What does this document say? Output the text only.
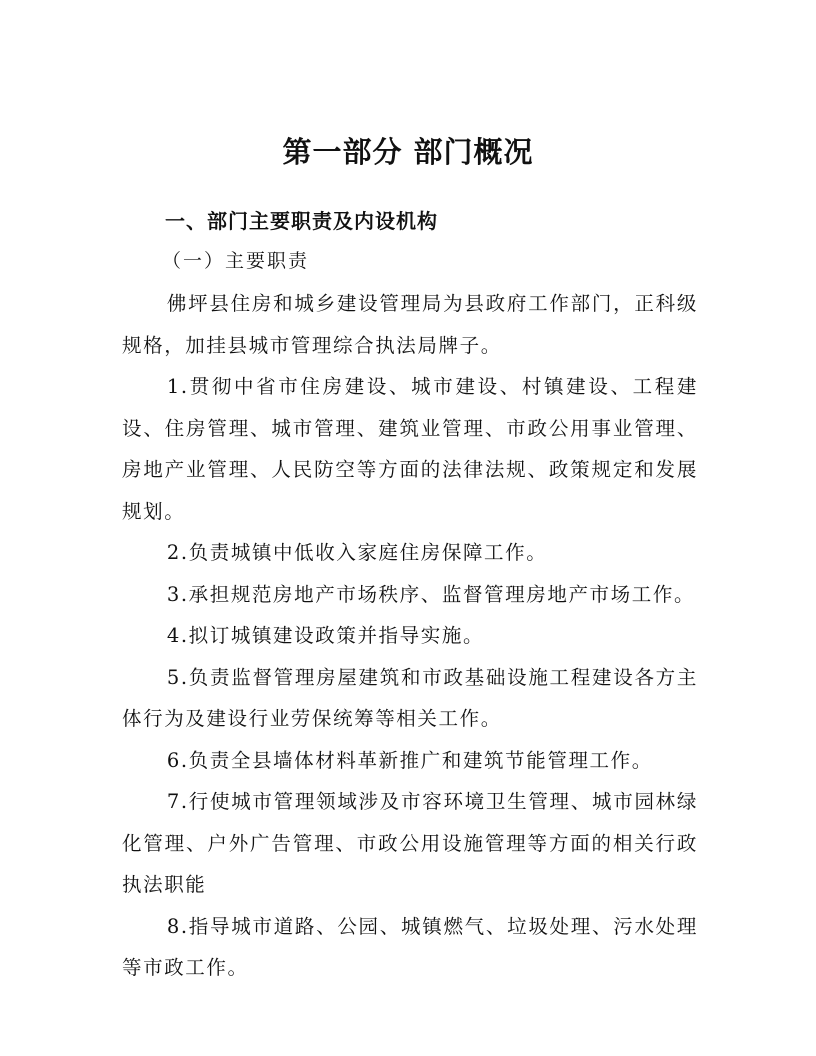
第一部分 部门概况
一、部门主要职责及内设机构
（一）主要职责

佛坪县住房和城乡建设管理局为县政府工作部门，正科级规格，加挂县城市管理综合执法局牌子。

1.贯彻中省市住房建设、城市建设、村镇建设、工程建设、住房管理、城市管理、建筑业管理、市政公用事业管理、房地产业管理、人民防空等方面的法律法规、政策规定和发展规划。

2.负责城镇中低收入家庭住房保障工作。

3.承担规范房地产市场秩序、监督管理房地产市场工作。

4.拟订城镇建设政策并指导实施。

5.负责监督管理房屋建筑和市政基础设施工程建设各方主体行为及建设行业劳保统筹等相关工作。

6.负责全县墙体材料革新推广和建筑节能管理工作。

7.行使城市管理领域涉及市容环境卫生管理、城市园林绿化管理、户外广告管理、市政公用设施管理等方面的相关行政执法职能

8.指导城市道路、公园、城镇燃气、垃圾处理、污水处理等市政工作。
